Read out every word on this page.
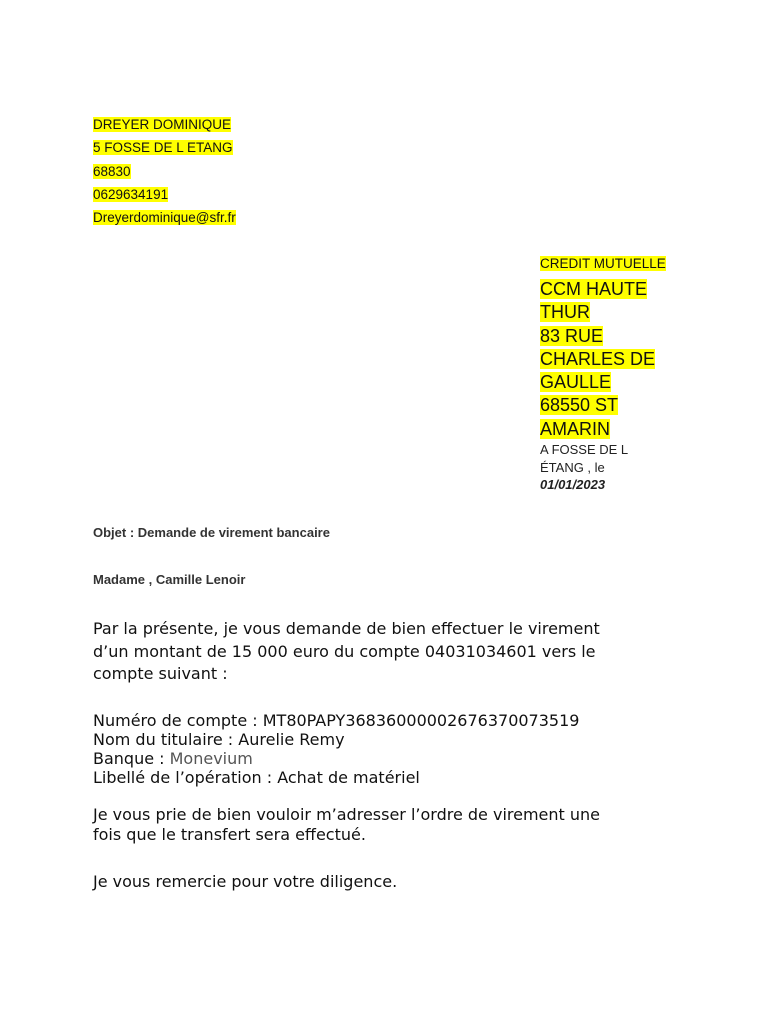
DREYER DOMINIQUE
5 FOSSE DE L ETANG
68830
0629634191
Dreyerdominique@sfr.fr
CREDIT MUTUELLE
CCM HAUTE
THUR
83 RUE
CHARLES DE
GAULLE
68550 ST
AMARIN
A FOSSE DE L
ÉTANG , le
01/01/2023
Objet : Demande de virement bancaire
Madame , Camille Lenoir
Par la présente, je vous demande de bien effectuer le virement
d’un montant de 15 000 euro du compte 04031034601 vers le
compte suivant :
Numéro de compte : MT80PAPY36836000002676370073519
Nom du titulaire : Aurelie Remy
Banque : Monevium
Libellé de l’opération : Achat de matériel
Je vous prie de bien vouloir m’adresser l’ordre de virement une
fois que le transfert sera effectué.
Je vous remercie pour votre diligence.
